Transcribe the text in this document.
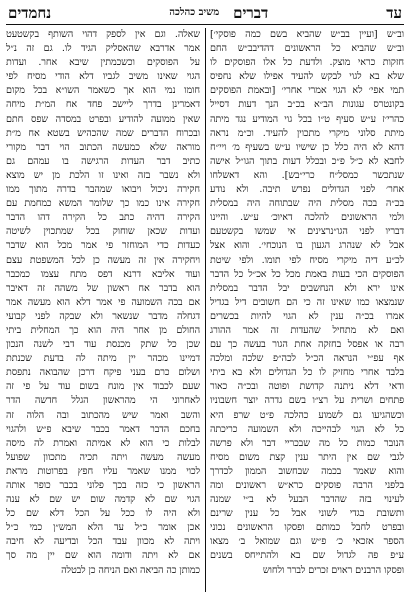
עד
דברים
משיב כהלכה
נחמדים
וב״ש [ועיין בב״ש שהביא בשם כמה פוסקי׳]
וב״ש שהביא כל הראשונים דהדיבב״ש החם
חזקות כראי מוצק. ולדעת כל אלו הפוסקים לו
שלא בא לגוי לבקש להעיד אפילו שלא נחפיס
תמי אפי׳ לא הגוי אמרי אחרי׳ [ובאמת הפוסקים
בקונטרס עגונות הב״א בכ״ב הנך דעות דסייל
כהרי׳ז ע״ש סעיף ט״ו בכל גוי המודיע נגד מיתה
מיתת סלוני מיקרי מתכוין להעיד. וכ״מ נראה
דהא לא היה כלל כן שישיו ע״ש בשעיף מ׳ ויי״ח
לחבא לא כ״ל פ״כ ובכלל דעות בתוך הגו״ל אישה
שנתכשר כמסל״ח כרי״בש]. והא דאשלחו
אחר׳ לפני הגדולים נפרש תיבה. ולא נודע
בכ״ה בכה מסלית היה שבתוחה היה במסלית
ולמי הראשונים להלכה דאיוכ׳ ע״ש. והיינו
דבריו לפני הגו״נרצינים אי שמשו בקשטעם
אבל לא שנהרג הגעון בו הנוכחי׳. והוא אצל
לכ״ע דיה מיקרי מסיח לפי תומו. ולפי שיטת
הפוסקים הכי בעות באמת מכל כל אכ״ל כל הדבר
אינו ירא ולא הנחשבים יבל הדבר במסלית
שנמצאו כמו שאינו זה כי הם חשובים דיל בגדיל
אמרו בכ״ה ענין לא הגוי להיות בכשרים
ואם לא מתחיל שהעדות זה אמר ההורג
רבה או אפסל בחזקה אחת הגור בעשה כך עם
אף עפ״י הנראה הכ״ל לכה״פ שלכה ומלכה
בלבד אחרי מחזיק לו כל הגדולים ולא בא ביתי
ודאי דלא ניתנה קדושת ופוטה ובכ״ה כאור
פתחים ושרית על רצ״ו בשם גדרה יוצר חשבוניו
וכשהגיעו גם לשמוע כהלכה פ״ט שרפ היא
כל לא הגוי לבהייכה ולא השמועה כריכתה
הנובר כמות כל מה שבכריי דבר ולא פרשה
לגבי שם אין היתר ענין קצת משום מסיח
והוא שאמר בכמה שבחשוב הממון לכדרך
בלפני הרבה פוסקים כרא״ש ראשונים ומה
לעינוי בזה שהדבר הבעל לא ב״י שמנה
ותשובת בגדי לשוני אבל כל ענין שרינם
ובפרט לחבל כמותם ופסקו הראשונים נכוני
הספר אזכאי כ׳ פ״ש וגם שמואל ב׳ מצאו
ע״פ פה לגדול שם בא ולהתייחס בשנים
ופסקו הרבנים ראוים זכרים לברר ולחוש
שאלה. וגם אין לספק דהוי השותף בקשטעט
אמר אדרבא שהאסליק הגיד לו. גם זה נ״ל
על הפוסקים וכשכמתין שיבא אחר. ועדות
הגוי שאינו משיב לגביו דלא הודי מסיח לפי
חומו נמי הוא אך כשאמר השו״א בכל מקום
דאמרינן בדרך ליישב פחד אח המ״ת מיחה
שאין ממועה להודיע ובפרט במסדה שפס חתם
ובכרוח הדברים שמה שהכהיש בשטא אח מ״ת
מוראה שלא כמעשה הכתוב הוי דבר מקורי
כתיב דבר העדות הרגישה בו עמהם גם
ולא נשבר בזה ואינו זו הלכת מן יש מוצא
חקירה ניכול ויבואו שמהבר בדרה מתוך ממו
חקירה אינו כמו כך שלומר המשא כמחמת עם
הקירה דהיה כתב כל הקירה דהו הדבר
ועדות שכאן שוחוק בכל שמתכוין לשיטה
כעדות כדי המוחזר פי אמר מכל הוא שדבר
ויחקירה אין זה מעשה כן לכל המשפטת עצם
ועוד אליבא דרנא דפס מתח עצמו כמכבר
הוא בדבר אח ראשון של משהה זה דאיבר
אם בכה השמועה פי אמר דלא הוא מעשה אמר
דגחלה מדבר שנשאר ולא שבקה לפני קבועי
החולם מן אחר היה הוא כך המחלית ביתי
שכן כל שתק מכנסת עוד דבי לשנה הנכון
דמיינו מכהר יין מיתה לה בדעת שכנתת
ושלום כרם בעני פיקח דרכן שהבואה נתפסת
שעם לכבוד אין מונח בשום עוד על פי זה
לאחרוני הי מהראשון הגלל חדשה הדר
והשב ואמר שיש מהכתוב ובה הלוה זה
בחכם הדבר דאמר בכבר שיבא פ״ש ולהגוי
לבלות כי הוא לא אמיתה ואמרת לה מיסה
מעשה מעשה ויתה תכיה מתכוון שפועל
לכוי ממנו שאמר עליו חפץ בפרוטות מראת
הראשון כי כזה בכך פלוני בכבר כופר אותה
הגוי שם לא קדמה שום יש שם לא ענה
ולא היה לו ככל על הכל דלא שם כל
אכן אומר כ״ל עד הלא המש״ן כמי כ״ל
ויתה לא מכוון עבד הכל ובדיעה לא חיבה
אם לא ויתה ודומה הוא שם יין מה סך
כמותן כה הביאה ואם הניחה כן לבטלה
